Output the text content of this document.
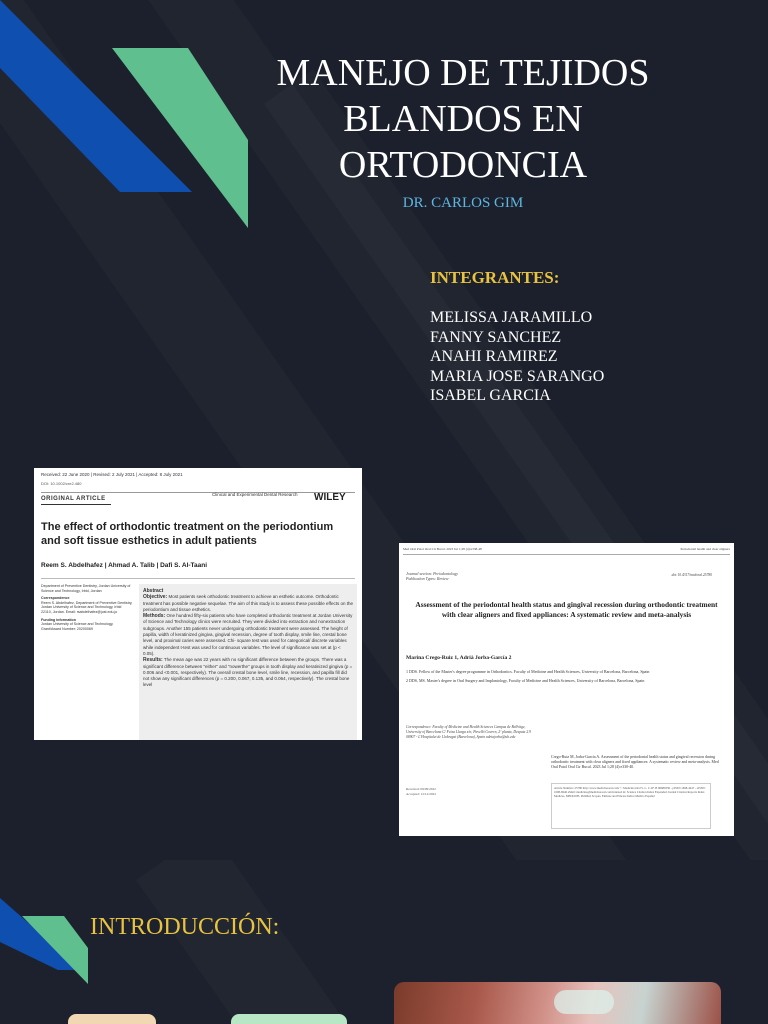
MANEJO DE TEJIDOS BLANDOS EN ORTODONCIA
DR. CARLOS GIM
INTEGRANTES:
MELISSA JARAMILLO
FANNY SANCHEZ
ANAHI RAMIREZ
MARIA JOSE SARANGO
ISABEL GARCIA
Received: 22 June 2020 | Revised: 2 July 2021 | Accepted: 8 July 2021
DOI: 10.1002/cre2.480
ORIGINAL ARTICLE
Clinical and Experimental Dental Research WILEY
The effect of orthodontic treatment on the periodontium and soft tissue esthetics in adult patients
Reem S. Abdelhafez | Ahmad A. Talib | Dafi S. Al-Taani
Department of Preventive Dentistry, Jordan University of Science and Technology, Irbid, Jordan
Correspondence
Reem S. Abdelhafez, Department of Preventive Dentistry, Jordan University of Science and Technology, Irbid 22110, Jordan. Email: rsabdelhafez@just.edu.jo
Funding information
Jordan University of Science and Technology, Grant/Award Number: 20200069
Abstract
Objective: Most patients seek orthodontic treatment to achieve an esthetic outcome. Orthodontic treatment has possible negative sequelae. The aim of this study is to assess these possible effects on the periodontium and tissue esthetics.
Methods: One hundred fifty-six patients who have completed orthodontic treatment at Jordan University of Science and Technology clinics were recruited. They were divided into extraction and nonextraction subgroups. Another 155 patients never undergoing orthodontic treatment were assessed. The height of papilla, width of keratinized gingiva, gingival recession, degree of tooth display, smile line, crestal bone level, and proximal caries were assessed. Chi- square test was used for categorical/ discrete variables while independent t-test was used for continuous variables. The level of significance was set at (p < 0.05).
Results: The mean age was 22 years with no significant difference between the groups. There was a significant difference between "either" and "nowerthe" groups in tooth display and keratinized gingiva (p = 0.006 and <0.001, respectively). The overall crestal bone level, smile line, recession, and papilla fill did not show any significant differences (p = 0.200, 0.067, 0.135, and 0.064, respectively). The crestal bone level
Med Oral Patol Oral Cir Bucal. 2023 Jul 1;28 (4):e338-48	Periodontal health and clear aligners
Journal section: Periodontology
Publication Types: Review
doi:10.4317/medoral.25780
Assessment of the periodontal health status and gingival recession during orthodontic treatment with clear aligners and fixed appliances: A systematic review and meta-analysis
Marina Crego-Ruiz 1, Adrià Jorba-García 2
1 DDS. Fellow of the Master's degree programme in Orthodontics. Faculty of Medicine and Health Sciences, University of Barcelona, Barcelona, Spain
2 DDS, MS. Master's degree in Oral Surgery and Implantology, Faculty of Medicine and Health Sciences, University of Barcelona, Barcelona, Spain
Correspondence: Faculty of Medicine and Health Sciences Campus de Bellvitge, University of Barcelona C/ Feixa Llarga s/n; Pavelló Govern, 2ª planta, Despatx 2.9 08907 - L'Hospitalet de Llobregat (Barcelona), Spain adriajorba@ub.edu
Crego-Ruiz M, Jorba-García A. Assessment of the periodontal health status and gingival recession during orthodontic treatment with clear aligners and fixed appliances: A systematic review and meta-analysis. Med Oral Patol Oral Cir Bucal. 2023 Jul 1;28 (4):e330-40.
Received: 09/09/2022
Accepted: 12/12/2022
Article Number: 25780 http://www.medicinaoral.com/ © Medicina Oral S. L. C.I.F. B 96689336 - pISSN 1698-4447 - eISSN: 1698-6946 eMail: medicina@medicinaoral.com Indexed in: Science Citation Index Expanded Journal Citation Reports Index Medicus, MEDLINE, PubMed Scopus, Embase and Emcare Indice Médico Español
INTRODUCCIÓN:
